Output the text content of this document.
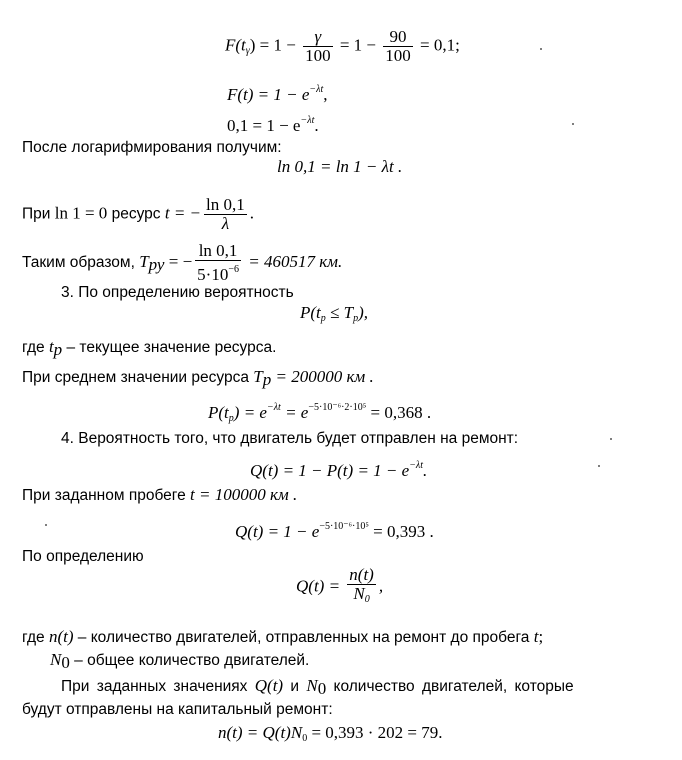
$F(t_\gamma) = 1 - \frac{\gamma}{100} = 1 - \frac{90}{100} = 0,1$;
$F(t) = 1 - e^{-\lambda t}$,
$0,1 = 1 - e^{-\lambda t}$.
После логарифмирования получим:
ln 0,1 = ln 1 − λt .
При ln 1 = 0 ресурс t = − $\frac{\ln 0,1}{\lambda}$ .
Таким образом, $T_{ру}$ = − $\frac{\ln 0,1}{5\cdot 10^{-6}} = 460517$ км.
3. По определению вероятность
$P(t_р \le T_р)$,
где $t_р$ – текущее значение ресурса.
При среднем значении ресурса $T_р = 200000$ км .
$P(t_р) = e^{-\lambda t} = e^{-5\cdot 10^{-6}\cdot 2\cdot 10^5} = 0,368$ .
4. Вероятность того, что двигатель будет отправлен на ремонт:
$Q(t) = 1 - P(t) = 1 - e^{-\lambda t}$.
При заданном пробеге t = 100000 км .
$Q(t) = 1 - e^{-5\cdot 10^{-6}\cdot 10^5} = 0,393$ .
По определению
$Q(t) = \frac{n(t)}{N_0}$ ,
где n(t) – количество двигателей, отправленных на ремонт до пробега t;
$N_0$ – общее количество двигателей.
При заданных значениях Q(t) и $N_0$ количество двигателей, которые
будут отправлены на капитальный ремонт:
$n(t) = Q(t)N_0 = 0,393 \cdot 202 = 79$.
